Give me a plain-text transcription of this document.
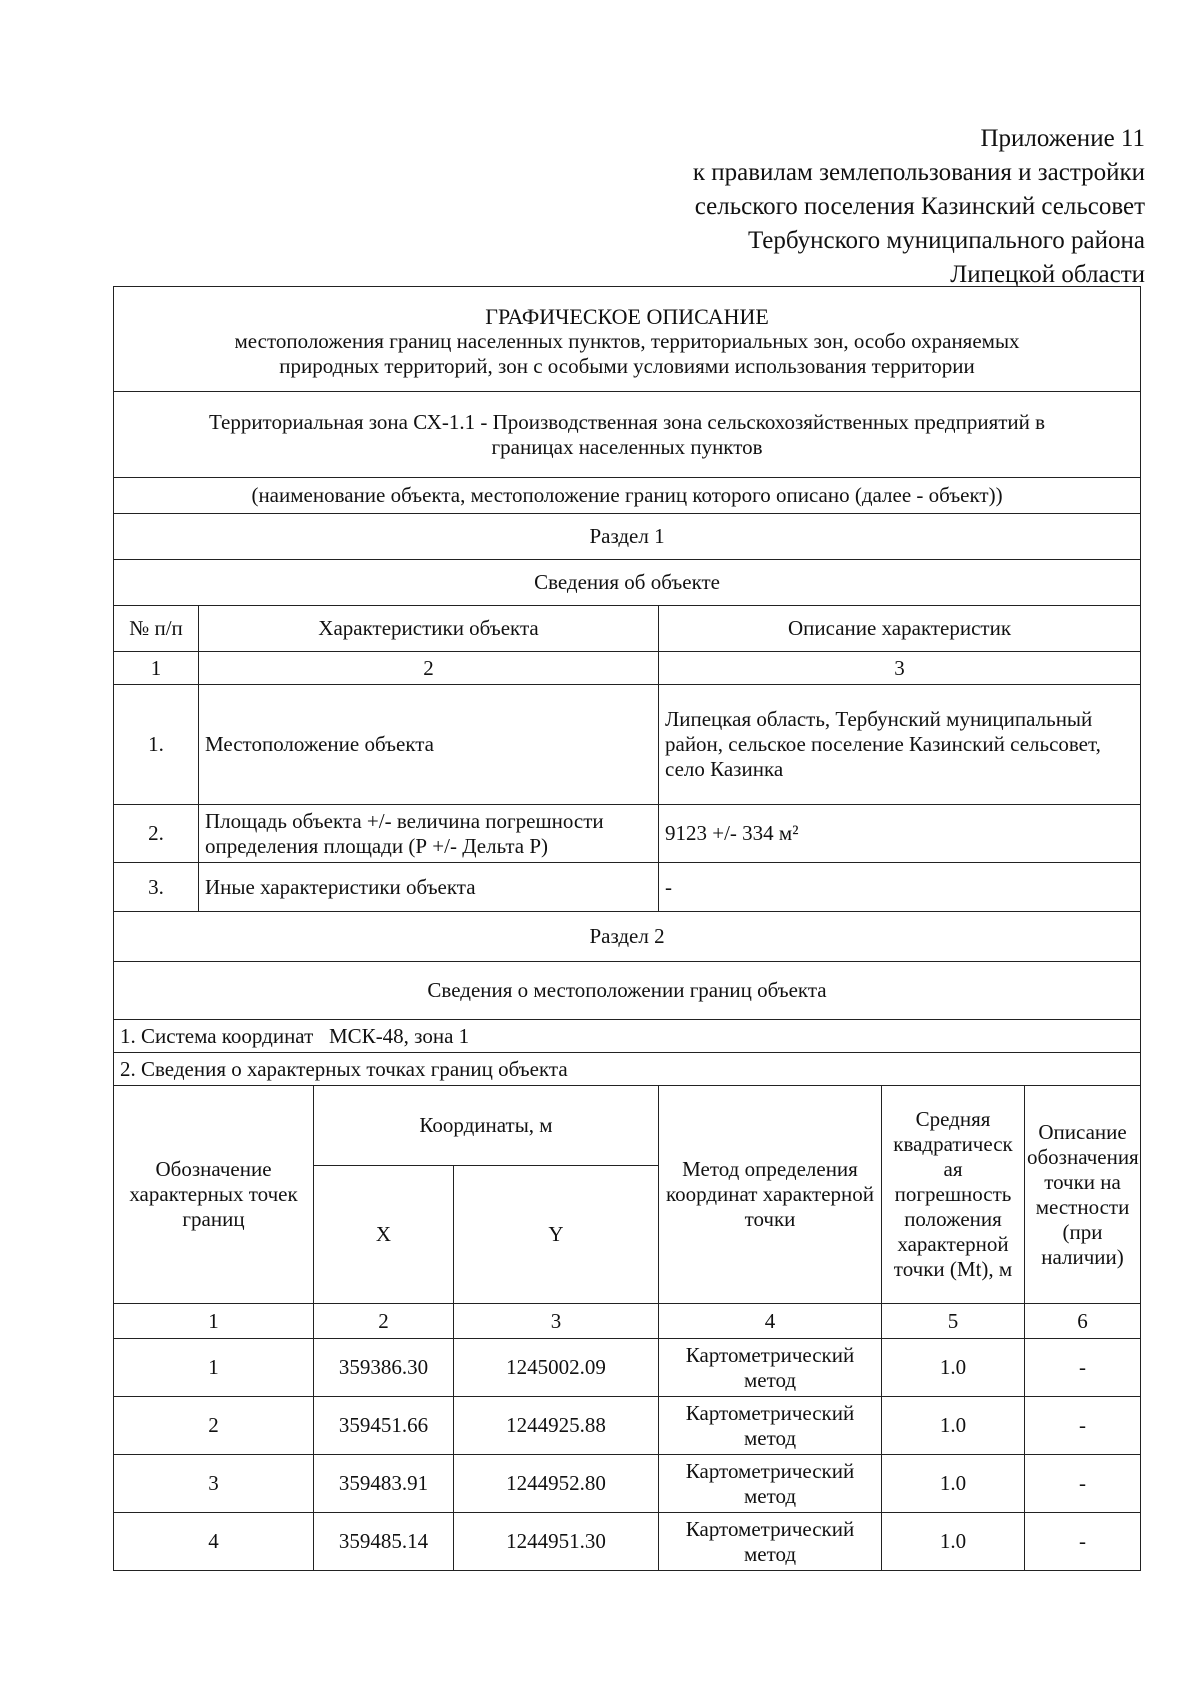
Приложение 11
к правилам землепользования и застройки
сельского поселения Казинский сельсовет
Тербунского муниципального района
Липецкой области
ГРАФИЧЕСКОЕ ОПИСАНИЕ
местоположения границ населенных пунктов, территориальных зон, особо охраняемых
природных территорий, зон с особыми условиями использования территории						

Территориальная зона СХ-1.1 - Производственная зона сельскохозяйственных предприятий в
границах населенных пунктов						

(наименование объекта, местоположение границ которого описано (далее - объект))						
Раздел 1						
Сведения об объекте						
№ п/п	Характеристики объекта			Описание характеристик		
1	2			3		
1.	Местоположение объекта			Липецкая область, Тербунский муниципальный район, сельское поселение Казинский сельсовет, село Казинка		
2.	Площадь объекта +/- величина погрешности определения площади (Р +/- Дельта Р)			9123 +/- 334 м²		
3.	Иные характеристики объекта			-		
Раздел 2						
Сведения о местоположении границ объекта						
1. Система координат   МСК-48, зона 1						
2. Сведения о характерных точках границ объекта						
Обозначение характерных точек границ		Координаты, м		Метод определения координат характерной точки	Средняя квадратическ ая погрешность положения характерной точки (Mt), м	Описание обозначения точки на местности (при наличии)
		X	Y			
1		2	3	4	5	6
1		359386.30	1245002.09	Картометрический метод	1.0	-
2		359451.66	1244925.88	Картометрический метод	1.0	-
3		359483.91	1244952.80	Картометрический метод	1.0	-
4		359485.14	1244951.30	Картометрический метод	1.0	-
